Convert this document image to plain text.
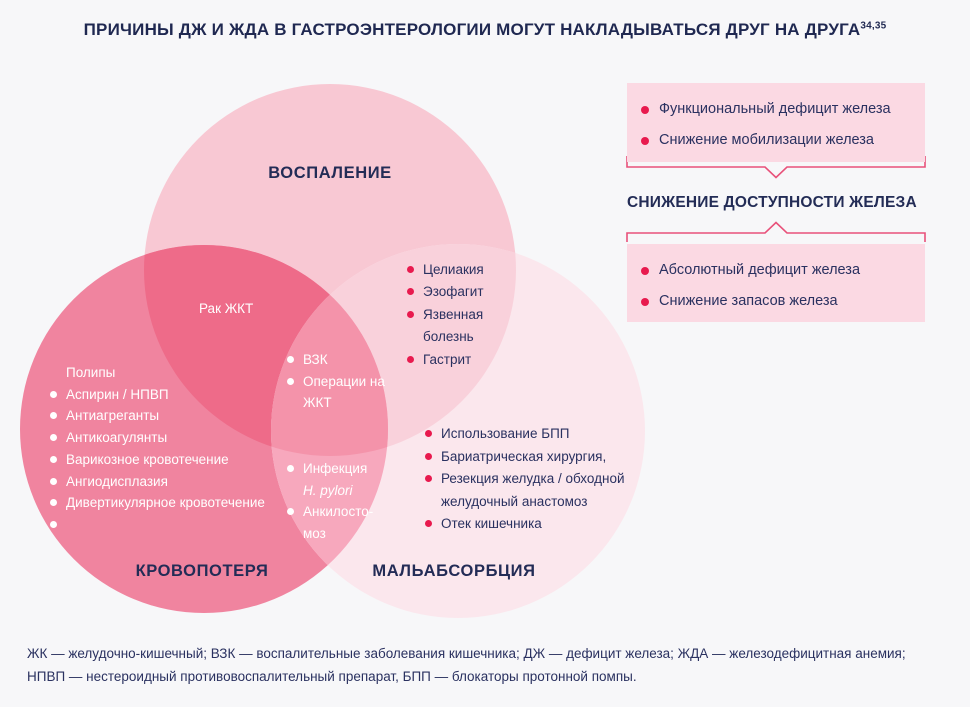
ПРИЧИНЫ ДЖ И ЖДА В ГАСТРОЭНТЕРОЛОГИИ МОГУТ НАКЛАДЫВАТЬСЯ ДРУГ НА ДРУГА$^{34,35}$
ВОСПАЛЕНИЕ
КРОВОПОТЕРЯ	МАЛЬАБСОРБЦИЯ
Рак ЖКТ
Полипы
Аспирин / НПВП
Антиагреганты
Антикоагулянты
Варикозное кровотечение
Ангиодисплазия
Дивертикулярное кровотечение
ВЗК
Операции на ЖКТ
Инфекция
H. pylori
Анкилосто-
моз
Целиакия
Эзофагит
Язвенная болезнь
Гастрит
Использование БПП
Бариатрическая хирургия,
Резекция желудка / обходной желудочный анастомоз
Отек кишечника
Функциональный дефицит железа
Снижение мобилизации железа
СНИЖЕНИЕ ДОСТУПНОСТИ ЖЕЛЕЗА
Абсолютный дефицит железа
Снижение запасов железа
ЖК — желудочно-кишечный; ВЗК — воспалительные заболевания кишечника; ДЖ — дефицит железа; ЖДА — железодефицитная анемия;
НПВП — нестероидный противовоспалительный препарат, БПП — блокаторы протонной помпы.
